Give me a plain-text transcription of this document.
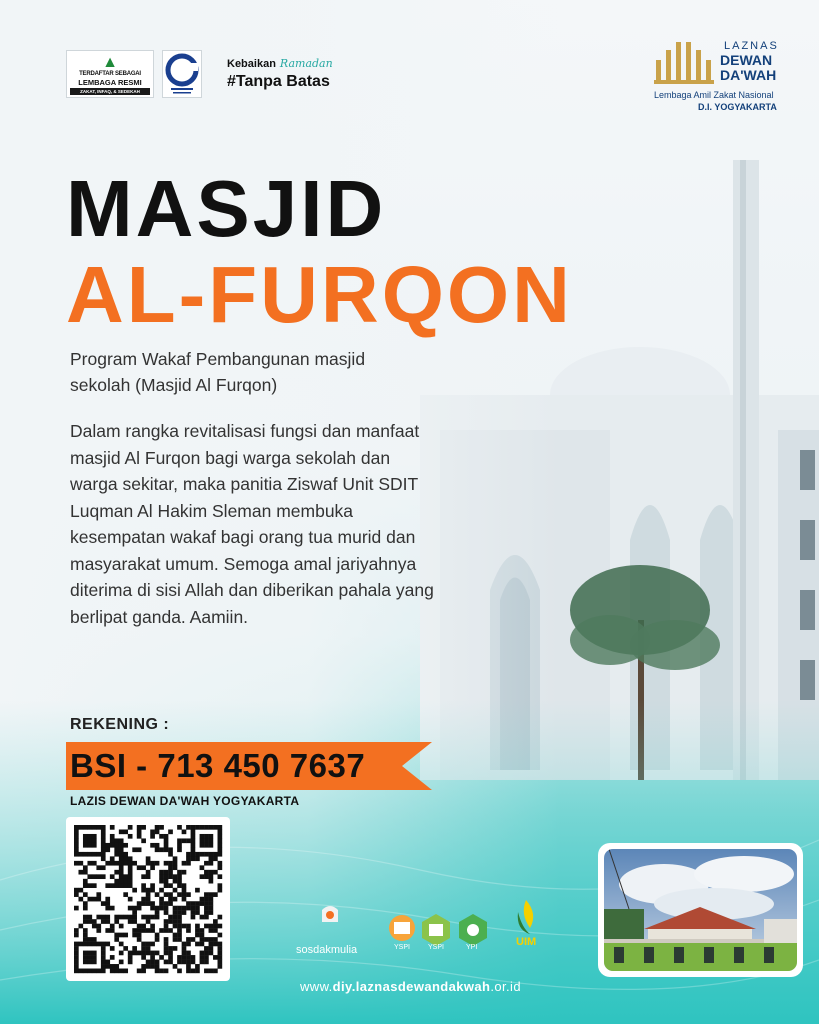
▲
TERDAFTAR SEBAGAI
LEMBAGA RESMI
ZAKAT, INFAQ, & SEDEKAH
Kebaikan Ramadan
#Tanpa Batas
LAZNAS
DEWAN
DA'WAH
Lembaga Amil Zakat Nasional
D.I. YOGYAKARTA
MASJID
AL-FURQON
Program Wakaf Pembangunan masjid sekolah (Masjid Al Furqon)
Dalam rangka revitalisasi fungsi dan manfaat masjid Al Furqon bagi warga sekolah dan warga sekitar, maka panitia Ziswaf Unit SDIT Luqman Al Hakim Sleman membuka kesempatan wakaf bagi orang tua murid dan masyarakat umum. Semoga amal jariyahnya diterima di sisi Allah dan diberikan pahala yang berlipat ganda. Aamiin.
REKENING :
BSI - 713 450 7637
LAZIS DEWAN DA'WAH YOGYAKARTA
sosdakmulia	YSPI	YSPI	YPI	UIM
www.diy.laznasdewandakwah.or.id
